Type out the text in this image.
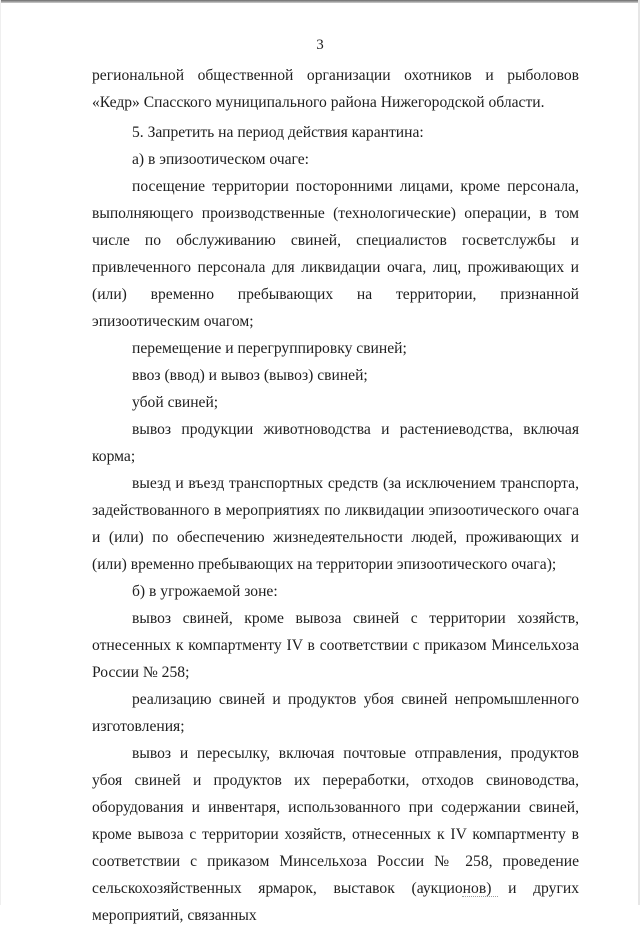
3

региональной общественной организации охотников и рыболовов «Кедр» Спасского муниципального района Нижегородской области.

5. Запретить на период действия карантина:

а) в эпизоотическом очаге:

посещение территории посторонними лицами, кроме персонала, выполняющего производственные (технологические) операции, в том числе по обслуживанию свиней, специалистов госветслужбы и привлеченного персонала для ликвидации очага, лиц, проживающих и (или) временно пребывающих на территории, признанной эпизоотическим очагом;

перемещение и перегруппировку свиней;

ввоз (ввод) и вывоз (вывоз) свиней;

убой свиней;

вывоз продукции животноводства и растениеводства, включая корма;

выезд и въезд транспортных средств (за исключением транспорта, задействованного в мероприятиях по ликвидации эпизоотического очага и (или) по обеспечению жизнедеятельности людей, проживающих и (или) временно пребывающих на территории эпизоотического очага);

б) в угрожаемой зоне:

вывоз свиней, кроме вывоза свиней с территории хозяйств, отнесенных к компартменту IV в соответствии с приказом Минсельхоза России № 258;

реализацию свиней и продуктов убоя свиней непромышленного изготовления;

вывоз и пересылку, включая почтовые отправления, продуктов убоя свиней и продуктов их переработки, отходов свиноводства, оборудования и инвентаря, использованного при содержании свиней, кроме вывоза с территории хозяйств, отнесенных к IV компартменту в соответствии с приказом Минсельхоза России № 258, проведение сельскохозяйственных ярмарок, выставок (аукционов) и других мероприятий, связанных
